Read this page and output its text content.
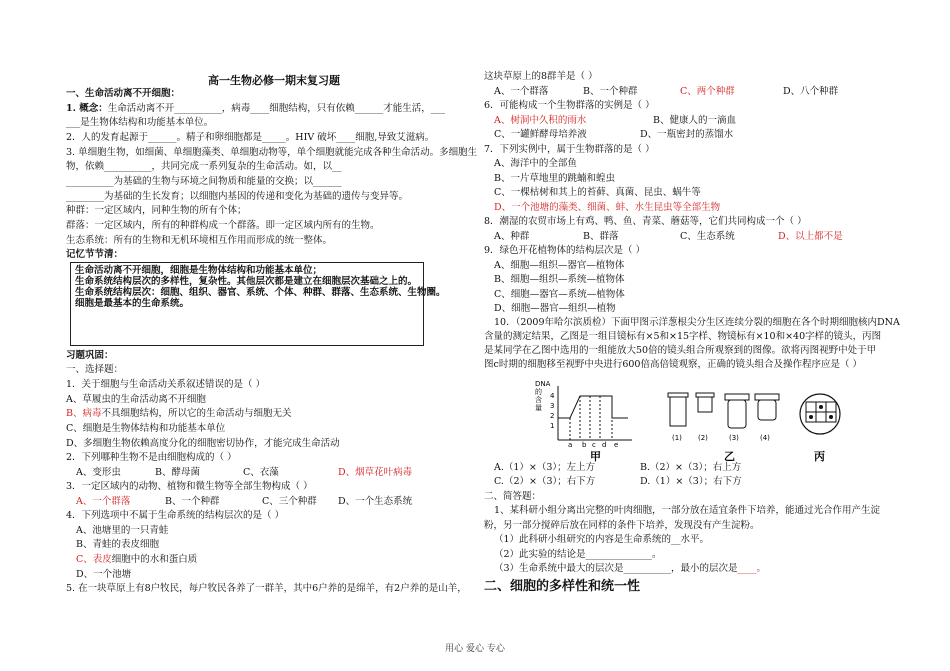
高一生物必修一期末复习题
一、生命活动离不开细胞：
1. 概念：生命活动离不开__________，病毒____细胞结构，只有依赖______才能生活，___
___是生物体结构和功能基本单位。
2．人的发育起源于______。精子和卵细胞都是_____。HIV 破坏____细胞,导致艾滋病。
3. 单细胞生物，如细菌、单细胞藻类、单细胞动物等，单个细胞就能完成各种生命活动。多细胞生
物，依赖__________，共同完成一系列复杂的生命活动。如，以__
__________为基础的生物与环境之间物质和能量的交换；以______
________为基础的生长发育；以细胞内基因的传递和变化为基础的遗传与变异等。
种群：一定区域内，同种生物的所有个体；
群落：一定区域内，所有的种群构成一个群落。即一定区域内所有的生物。
生态系统：所有的生物和无机环境相互作用而形成的统一整体。
记忆节节清：
生命活动离不开细胞，细胞是生物体结构和功能基本单位；
生命系统结构层次的多样性，复杂性。其他层次都是建立在细胞层次基础之上的。
生命系统结构层次：细胞、组织、器官、系统、个体、种群、群落、生态系统、生物圈。
细胞是最基本的生命系统。
习题巩固：
一、选择题：
1．关于细胞与生命活动关系叙述错误的是（ ）
A、草履虫的生命活动离不开细胞
B、病毒不具细胞结构，所以它的生命活动与细胞无关
C、细胞是生物体结构和功能基本单位
D、多细胞生物依赖高度分化的细胞密切协作，才能完成生命活动
2．下列哪种生物不是由细胞构成的（ ）
A、变形虫	B、酵母菌	C、衣藻	D、烟草花叶病毒
3．一定区域内的动物、植物和微生物等全部生物构成（ ）
A、一个群落	B、一个种群	C、三个种群 D、一个生态系统
4．下列选项中不属于生命系统的结构层次的是（ ）
A、池塘里的一只青蛙
B、青蛙的表皮细胞
C、表皮细胞中的水和蛋白质
D、一个池塘
5. 在一块草原上有8户牧民，每户牧民各养了一群羊，其中6户养的是绵羊，有2户养的是山羊，
这块草原上的8群羊是（ ）
A、一个群落	B、一个种群	C、两个种群	D、八个种群
6．可能构成一个生物群落的实例是（ ）
A、树洞中久积的雨水	B、健康人的一滴血
C、一罐鲜酵母培养液	D、一瓶密封的蒸馏水
7．下列实例中，属于生物群落的是（ ）
A、海洋中的全部鱼
B、一片草地里的跳蝻和蝗虫
C、一棵枯树和其上的苔藓、真菌、昆虫、蜗牛等
D、一个池塘的藻类、细菌、蚌、水生昆虫等全部生物
8．潮湿的农贸市场上有鸡、鸭、鱼、青菜、蘑菇等，它们共同构成一个（ ）
A、种群	B、群落	C、生态系统	D、以上都不是
9．绿色开花植物体的结构层次是（ ）
A、细胞—组织—器官—植物体
B、细胞—组织—系统—植物体
C、细胞—器官—系统—植物体
D、细胞—器官—组织—植物
10．（2009年哈尔滨质检）下面甲图示洋葱根尖分生区连续分裂的细胞在各个时期细胞核内DNA
含量的测定结果，乙图是一组目镜标有×5和×15字样、物镜标有×10和×40字样的镜头，丙图
是某同学在乙图中选用的一组能放大50倍的镜头组合所观察到的图像。欲将丙图视野中处于甲
图c时期的细胞移至视野中央进行600倍高倍镜观察，正确的镜头组合及操作程序应是（ ）
DNA
的
含
量
4
3
2
1
a b c d e
甲
(1) (2)	(3)	(4)
乙	丙
A.（1）×（3）；左上方	B.（2）×（3）；右上方
C.（2）×（3）；右下方	D.（1）×（3）；右下方
二、简答题：
1、某科研小组分离出完整的叶肉细胞，一部分放在适宜条件下培养，能通过光合作用产生淀
粉，另一部分搅碎后放在同样的条件下培养，发现没有产生淀粉。
（1）此科研小组研究的内容是生命系统的__水平。
（2）此实验的结论是______________。
（3）生命系统中最大的层次是__________，最小的层次是____。
二、细胞的多样性和统一性
用心 爱心 专心
